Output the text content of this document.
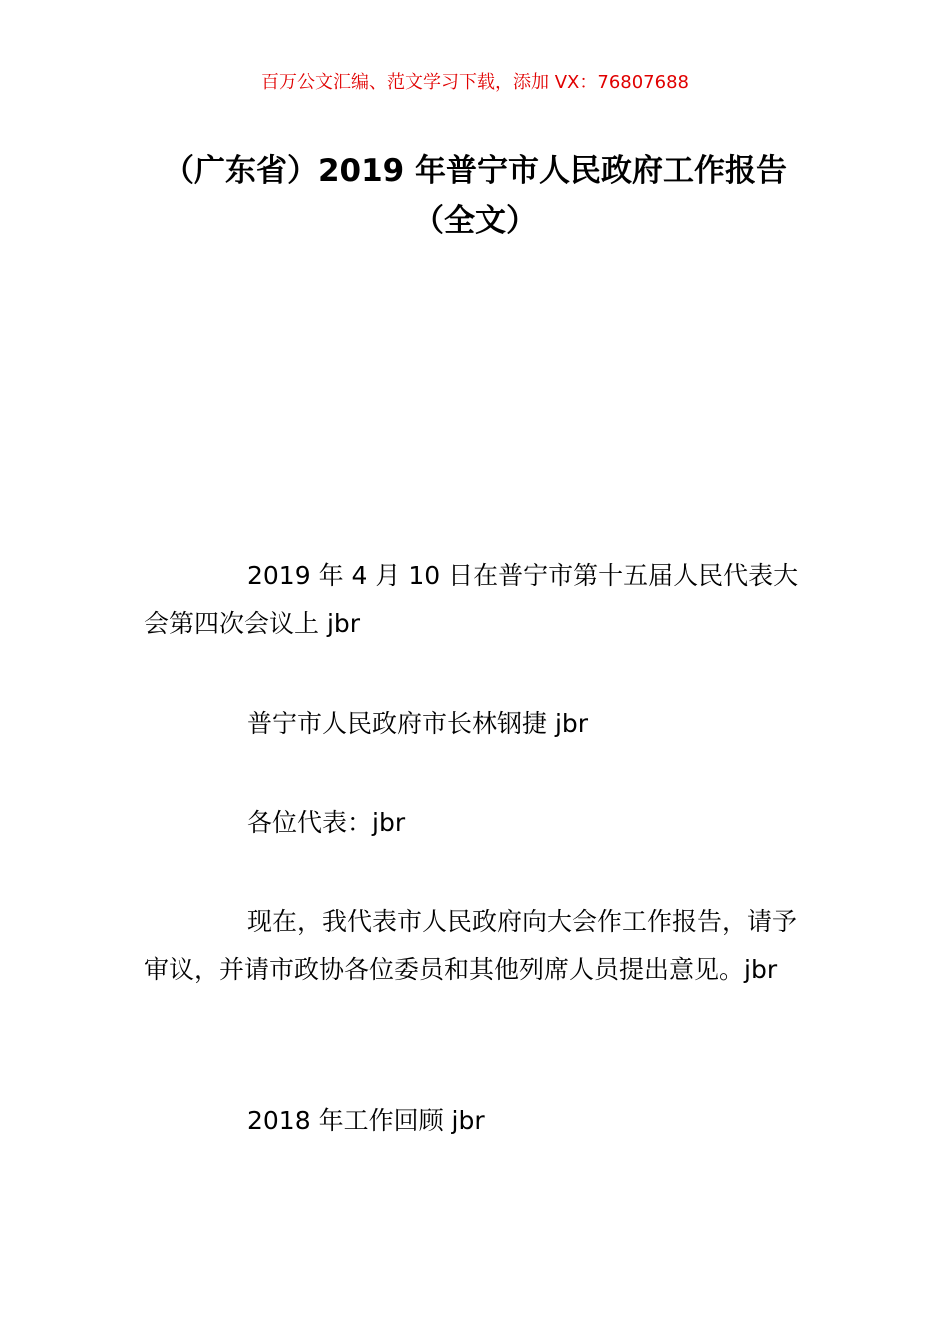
百万公文汇编、范文学习下载，添加 VX：76807688
（广东省）2019 年普宁市人民政府工作报告（全文）
2019 年 4 月 10 日在普宁市第十五届人民代表大会第四次会议上 jbr
普宁市人民政府市长林钢捷 jbr
各位代表：jbr
现在，我代表市人民政府向大会作工作报告，请予审议，并请市政协各位委员和其他列席人员提出意见。jbr
2018 年工作回顾 jbr
